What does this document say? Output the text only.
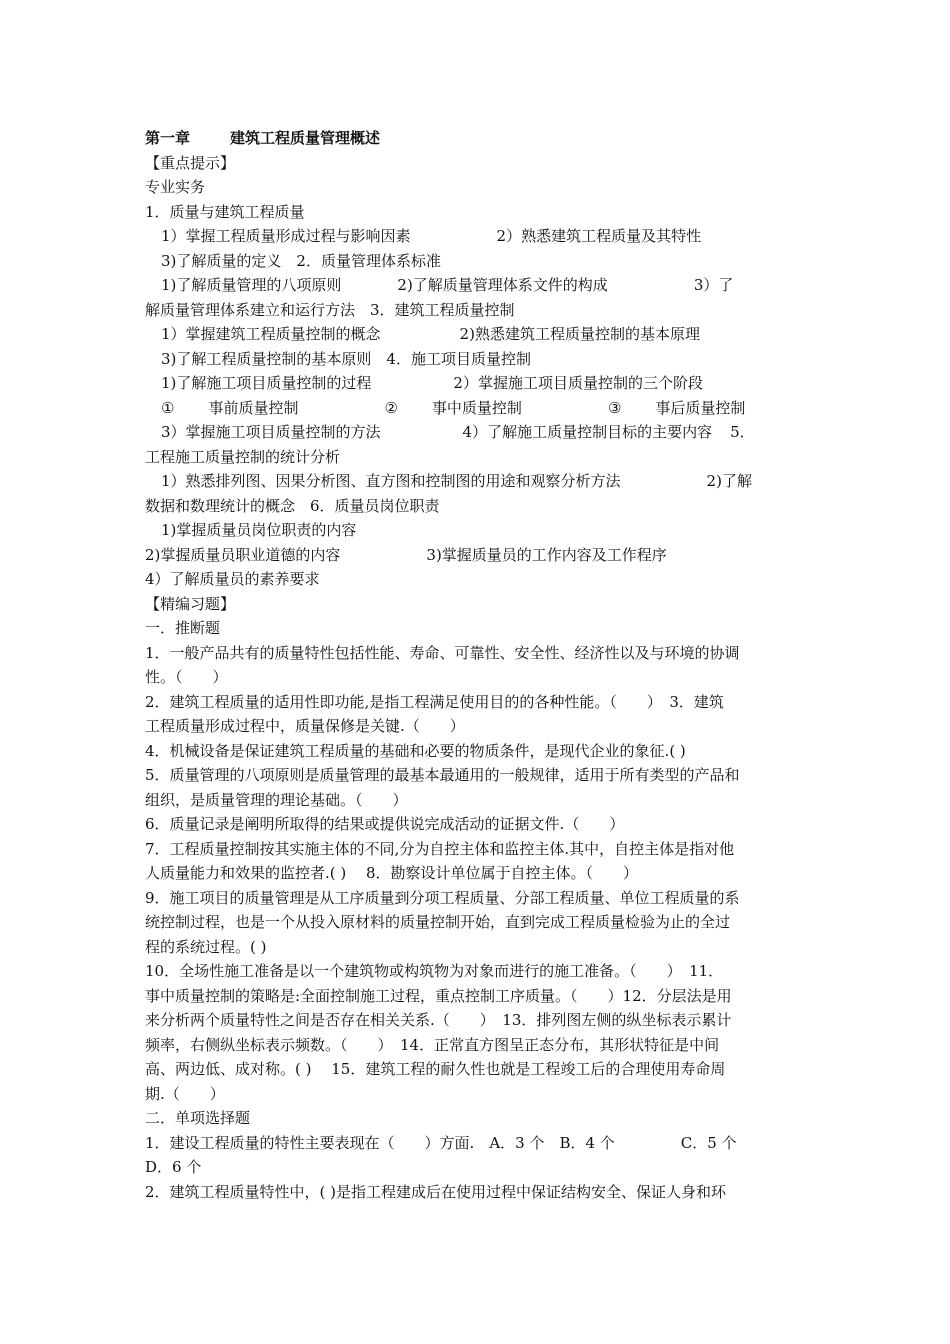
第一章	建筑工程质量管理概述
【重点提示】
专业实务
1．质量与建筑工程质量
1）掌握工程质量形成过程与影响因素	2）熟悉建筑工程质量及其特性
3)了解质量的定义　2．质量管理体系标准
1)了解质量管理的八项原则	2)了解质量管理体系文件的构成	3）了
解质量管理体系建立和运行方法　3．建筑工程质量控制
1）掌握建筑工程质量控制的概念	2)熟悉建筑工程质量控制的基本原理
3)了解工程质量控制的基本原则　4．施工项目质量控制
1)了解施工项目质量控制的过程	2）掌握施工项目质量控制的三个阶段
① 事前质量控制	② 事中质量控制	③ 事后质量控制
3）掌握施工项目质量控制的方法	4）了解施工质量控制目标的主要内容 5．
工程施工质量控制的统计分析
1）熟悉排列图、因果分析图、直方图和控制图的用途和观察分析方法	2)了解
数据和数理统计的概念　6．质量员岗位职责
1)掌握质量员岗位职责的内容
2)掌握质量员职业道德的内容	3)掌握质量员的工作内容及工作程序
4）了解质量员的素养要求
【精编习题】
一．推断题
1．一般产品共有的质量特性包括性能、寿命、可靠性、安全性、经济性以及与环境的协调
性。（　　）
2．建筑工程质量的适用性即功能,是指工程满足使用目的的各种性能。（　　）　3．建筑
工程质量形成过程中，质量保修是关键.（　　）
4．机械设备是保证建筑工程质量的基础和必要的物质条件，是现代企业的象征.( )
5．质量管理的八项原则是质量管理的最基本最通用的一般规律，适用于所有类型的产品和
组织，是质量管理的理论基础。（　　）
6．质量记录是阐明所取得的结果或提供说完成活动的证据文件.（　　）
7．工程质量控制按其实施主体的不同,分为自控主体和监控主体.其中，自控主体是指对他
人质量能力和效果的监控者.( )　 8．勘察设计单位属于自控主体。（　　）
9．施工项目的质量管理是从工序质量到分项工程质量、分部工程质量、单位工程质量的系
统控制过程，也是一个从投入原材料的质量控制开始，直到完成工程质量检验为止的全过
程的系统过程。( )
10．全场性施工准备是以一个建筑物或构筑物为对象而进行的施工准备。（　　）　11．
事中质量控制的策略是:全面控制施工过程，重点控制工序质量。（　　）12．分层法是用
来分析两个质量特性之间是否存在相关关系.（　　）　13．排列图左侧的纵坐标表示累计
频率，右侧纵坐标表示频数。（　　）　14．正常直方图呈正态分布，其形状特征是中间
高、两边低、成对称。( )　 15．建筑工程的耐久性也就是工程竣工后的合理使用寿命周
期.（　　）
二．单项选择题
1．建设工程质量的特性主要表现在（　　）方面.　A．3 个　B．4 个	C．5 个
D．6 个
2．建筑工程质量特性中，( )是指工程建成后在使用过程中保证结构安全、保证人身和环
